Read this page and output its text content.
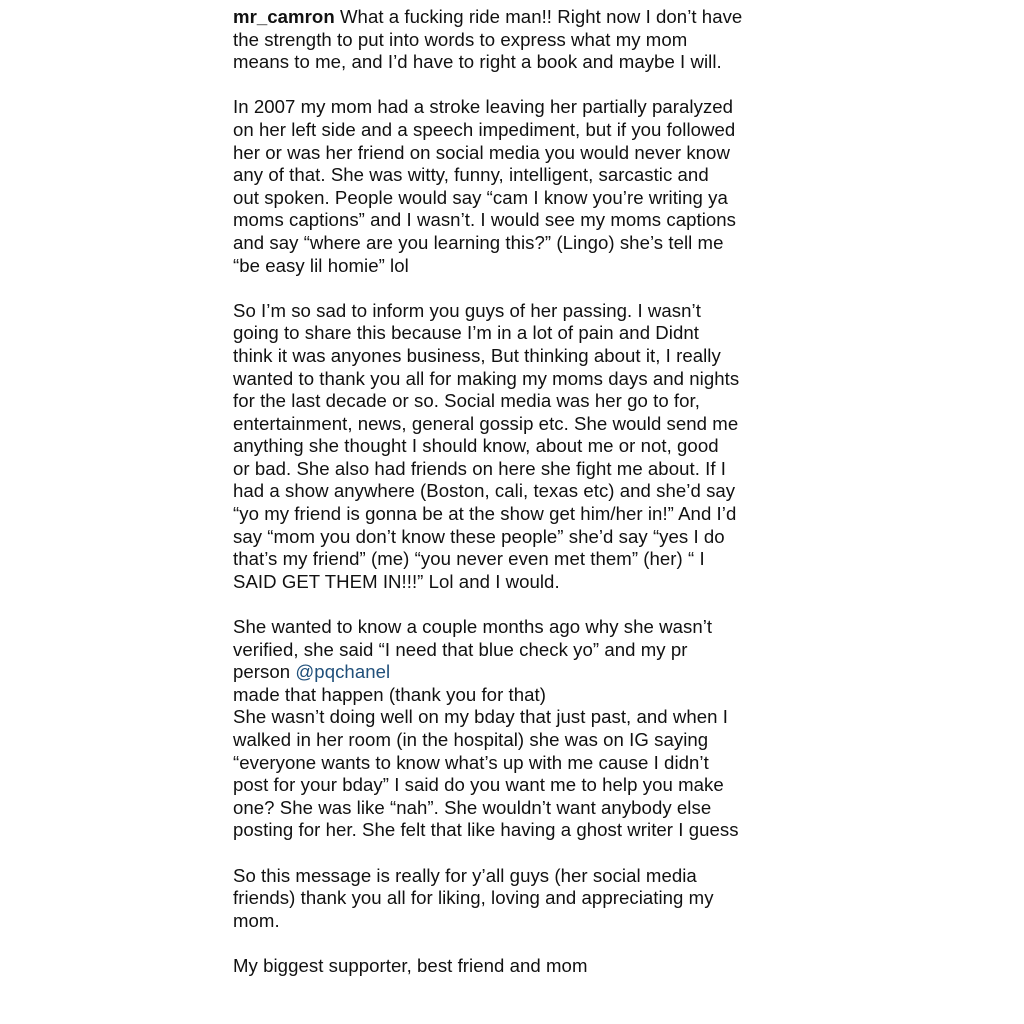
mr_camron What a fucking ride man!! Right now I don’t have
the strength to put into words to express what my mom
means to me, and I’d have to right a book and maybe I will.
In 2007 my mom had a stroke leaving her partially paralyzed
on her left side and a speech impediment, but if you followed
her or was her friend on social media you would never know
any of that. She was witty, funny, intelligent, sarcastic and
out spoken. People would say “cam I know you’re writing ya
moms captions” and I wasn’t. I would see my moms captions
and say “where are you learning this?” (Lingo) she’s tell me
“be easy lil homie” lol
So I’m so sad to inform you guys of her passing. I wasn’t
going to share this because I’m in a lot of pain and Didnt
think it was anyones business, But thinking about it, I really
wanted to thank you all for making my moms days and nights
for the last decade or so. Social media was her go to for,
entertainment, news, general gossip etc. She would send me
anything she thought I should know, about me or not, good
or bad. She also had friends on here she fight me about. If I
had a show anywhere (Boston, cali, texas etc) and she’d say
“yo my friend is gonna be at the show get him/her in!” And I’d
say “mom you don’t know these people” she’d say “yes I do
that’s my friend” (me) “you never even met them” (her) “ I
SAID GET THEM IN!!!” Lol and I would.
She wanted to know a couple months ago why she wasn’t
verified, she said “I need that blue check yo” and my pr
person @pqchanel
made that happen (thank you for that)
She wasn’t doing well on my bday that just past, and when I
walked in her room (in the hospital) she was on IG saying
“everyone wants to know what’s up with me cause I didn’t
post for your bday” I said do you want me to help you make
one? She was like “nah”. She wouldn’t want anybody else
posting for her. She felt that like having a ghost writer I guess
So this message is really for y’all guys (her social media
friends) thank you all for liking, loving and appreciating my
mom.
My biggest supporter, best friend and mom
